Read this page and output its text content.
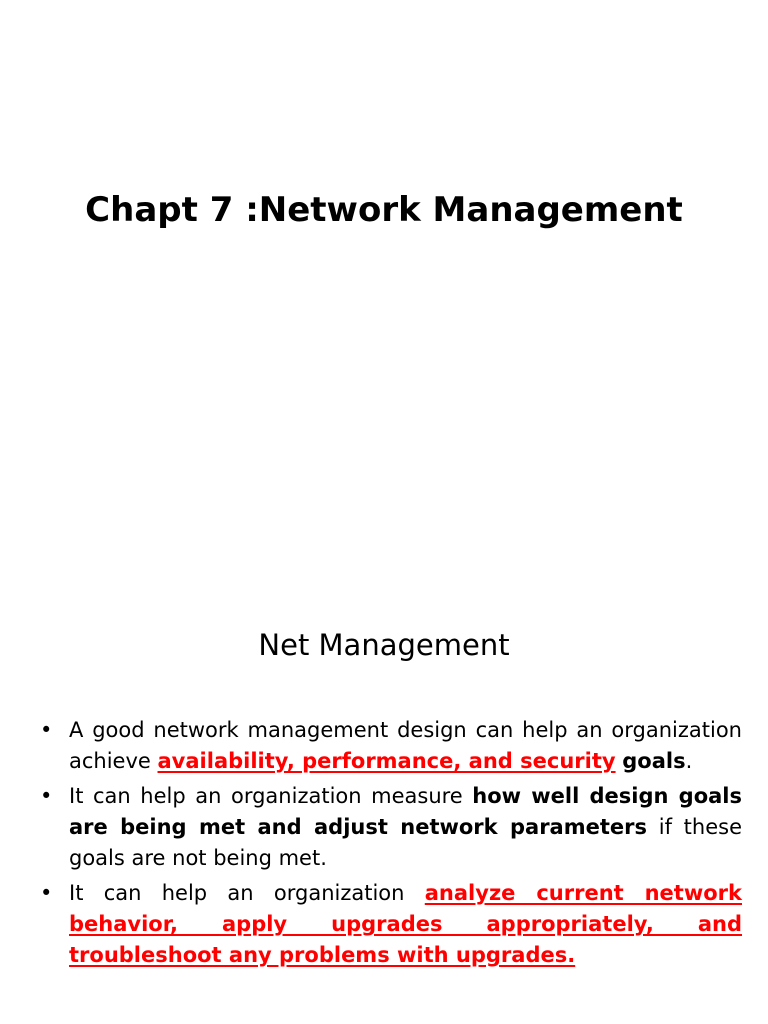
Chapt 7 :Network Management
Net Management
• A good network management design can help an organization achieve availability, performance, and security goals.
• It can help an organization measure how well design goals are being met and adjust network parameters if these goals are not being met.
• It can help an organization analyze current network behavior, apply upgrades appropriately, and troubleshoot any problems with upgrades.
